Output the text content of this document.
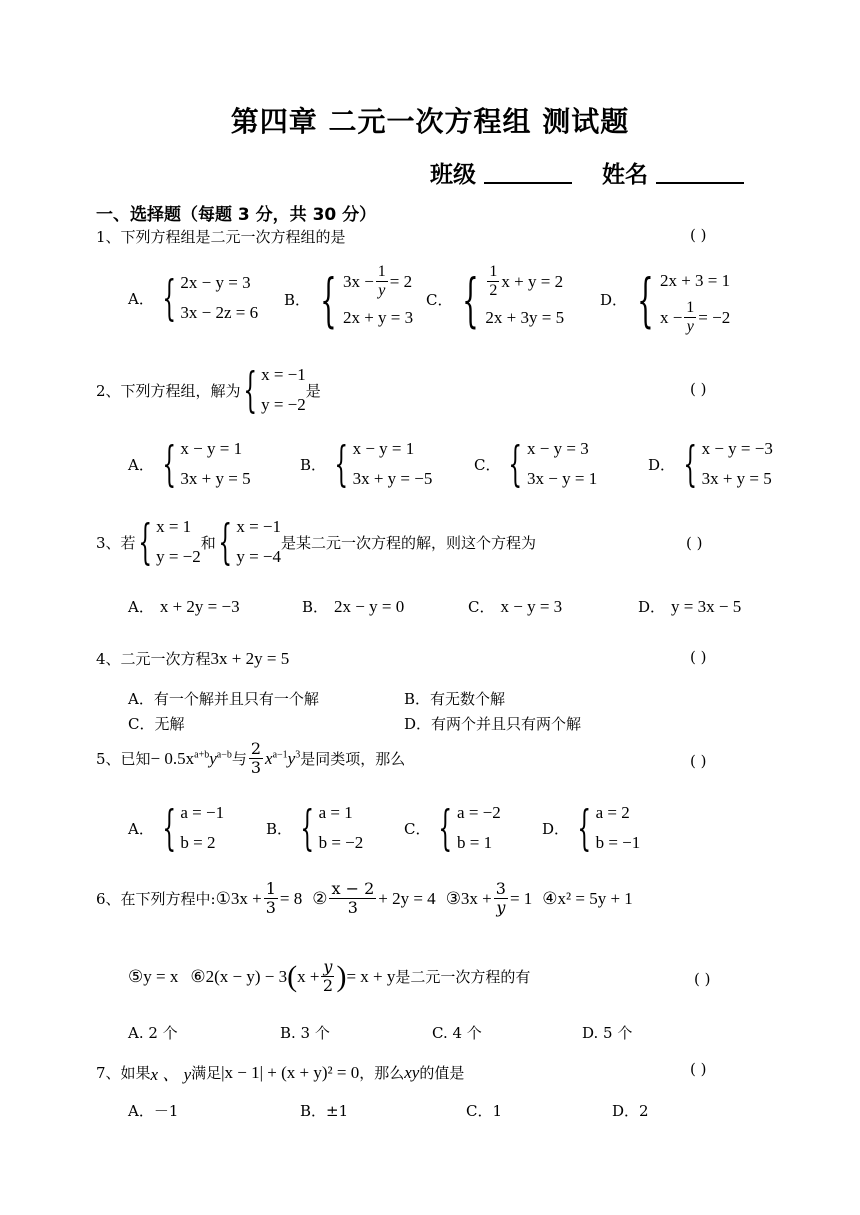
第四章 二元一次方程组 测试题
班级	姓名
一、选择题（每题 3 分，共 30 分）
1、下列方程组是二元一次方程组的是	( )
A． { 2x − y = 3
3x − 2z = 6
B． { $3x - \frac{1}{y} = 2$
2x + y = 3
C． { $\frac{1}{2}$ x + y = 2
2x + 3y = 5
D． { 2x + 3 = 1
$x - \frac{1}{y} = -2$
2、下列方程组，解为 { x = −1
y = −2
是	( )
A． { x − y = 1
3x + y = 5
B． { x − y = 1
3x + y = −5
C． { x − y = 3
3x − y = 1
D． { x − y = −3
3x + y = 5
3、若 { x = 1
y = −2
和 { x = −1
y = −4
是某二元一次方程的解，则这个方程为	( )
A． x + 2y = −3	B． 2x − y = 0	C． x − y = 3	D． y = 3x − 5
4、二元一次方程 3x + 2y = 5	( )
A．有一个解并且只有一个解	B．有无数个解
C．无解	D．有两个并且只有两个解
5、已知 − $0.5x^{a+b}y^{a-b}$ 与 $\frac{2}{3} x^{a-1}y^3$ 是同类项，那么	( )
A． { a = −1
b = 2
B． { a = 1
b = −2
C． { a = −2
b = 1
D． { a = 2
b = −1
6、在下列方程中: ①3x + $\frac{1}{3} = 8$ ② $\frac{x - 2}{3} + 2y = 4$ ③3x + $\frac{3}{y} = 1$ ④x² = 5y + 1
⑤y = x ⑥2(x − y) − 3 ( $x + \frac{y}{2}$ ) = x + y 是二元一次方程的有	( )
A. 2 个	B. 3 个	C. 4 个	D. 5 个
7、如果 x 、 y 满足 |x − 1| + (x + y)² = 0 ，那么 xy 的值是	( )
A．－1	B．±1	C．1	D．2
